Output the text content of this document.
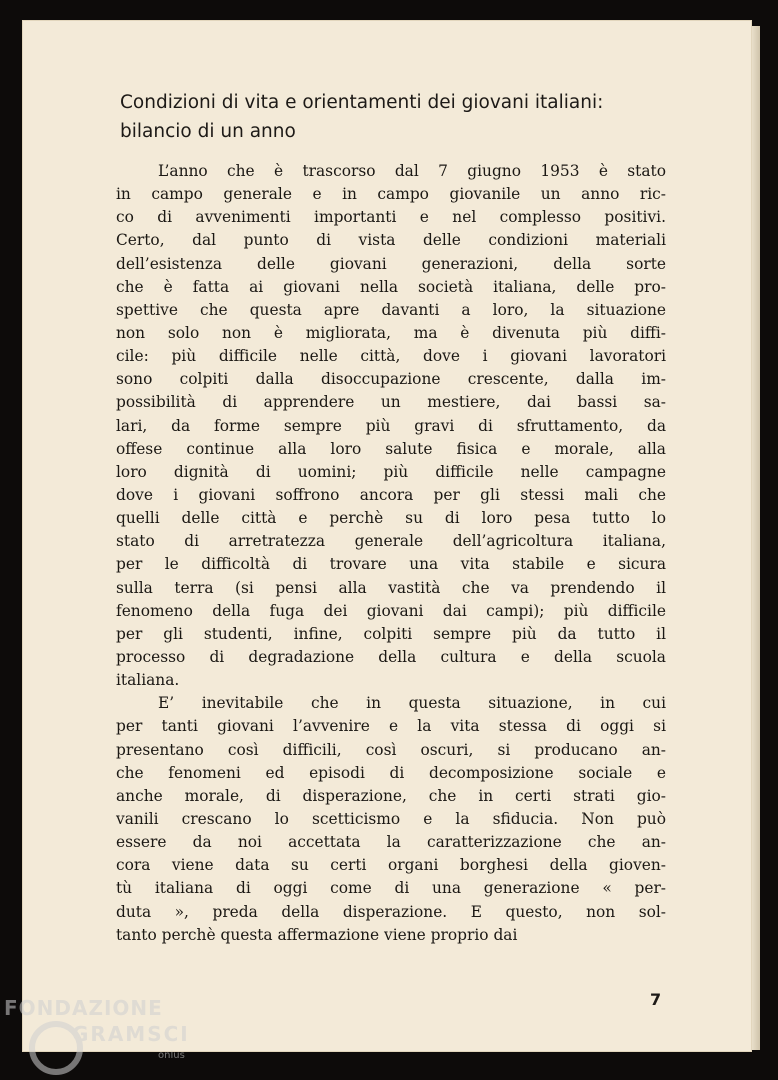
Condizioni di vita e orientamenti dei giovani italiani:
bilancio di un anno
L’anno che è trascorso dal 7 giugno 1953 è stato
in campo generale e in campo giovanile un anno ric-
co di avvenimenti importanti e nel complesso positivi.
Certo, dal punto di vista delle condizioni materiali
dell’esistenza delle giovani generazioni, della sorte
che è fatta ai giovani nella società italiana, delle pro-
spettive che questa apre davanti a loro, la situazione
non solo non è migliorata, ma è divenuta più diffi-
cile: più difficile nelle città, dove i giovani lavoratori
sono colpiti dalla disoccupazione crescente, dalla im-
possibilità di apprendere un mestiere, dai bassi sa-
lari, da forme sempre più gravi di sfruttamento, da
offese continue alla loro salute fisica e morale, alla
loro dignità di uomini; più difficile nelle campagne
dove i giovani soffrono ancora per gli stessi mali che
quelli delle città e perchè su di loro pesa tutto lo
stato di arretratezza generale dell’agricoltura italiana,
per le difficoltà di trovare una vita stabile e sicura
sulla terra (si pensi alla vastità che va prendendo il
fenomeno della fuga dei giovani dai campi); più difficile
per gli studenti, infine, colpiti sempre più da tutto il
processo di degradazione della cultura e della scuola
italiana.
E’ inevitabile che in questa situazione, in cui
per tanti giovani l’avvenire e la vita stessa di oggi si
presentano così difficili, così oscuri, si producano an-
che fenomeni ed episodi di decomposizione sociale e
anche morale, di disperazione, che in certi strati gio-
vanili crescano lo scetticismo e la sfiducia. Non può
essere da noi accettata la caratterizzazione che an-
cora viene data su certi organi borghesi della gioven-
tù italiana di oggi come di una generazione « per-
duta », preda della disperazione. E questo, non sol-
tanto perchè questa affermazione viene proprio dai
7
FONDAZIONE
GRAMSCI
onlus
